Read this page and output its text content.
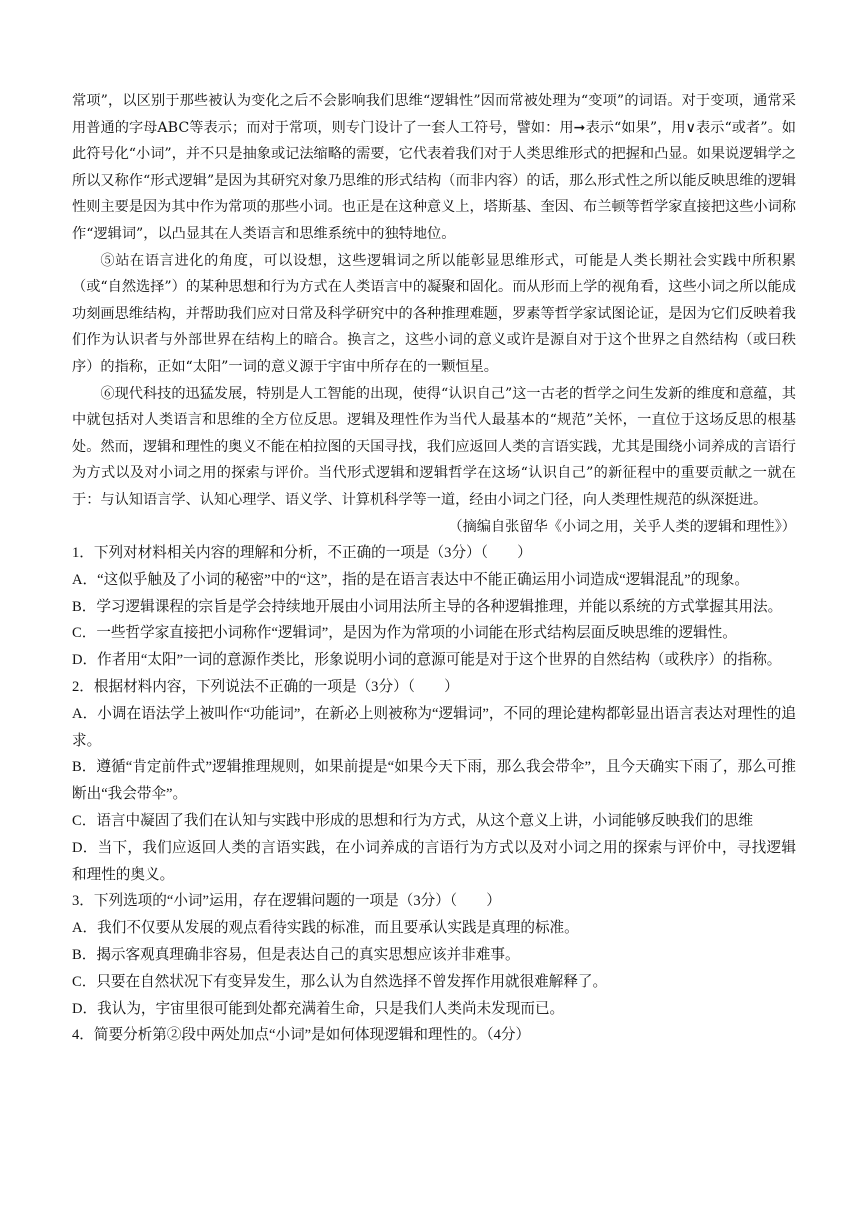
常项”，以区别于那些被认为变化之后不会影响我们思维“逻辑性”因而常被处理为“变项”的词语。对于变项，通常采用普通的字母ABC等表示；而对于常项，则专门设计了一套人工符号，譬如：用➞表示“如果”，用∨表示“或者”。如此符号化“小词”，并不只是抽象或记法缩略的需要，它代表着我们对于人类思维形式的把握和凸显。如果说逻辑学之所以又称作“形式逻辑”是因为其研究对象乃思维的形式结构（而非内容）的话，那么形式性之所以能反映思维的逻辑性则主要是因为其中作为常项的那些小词。也正是在这种意义上，塔斯基、奎因、布兰顿等哲学家直接把这些小词称作“逻辑词”，以凸显其在人类语言和思维系统中的独特地位。

⑤站在语言进化的角度，可以设想，这些逻辑词之所以能彰显思维形式，可能是人类长期社会实践中所积累（或“自然选择”）的某种思想和行为方式在人类语言中的凝聚和固化。而从形而上学的视角看，这些小词之所以能成功刻画思维结构，并帮助我们应对日常及科学研究中的各种推理难题，罗素等哲学家试图论证，是因为它们反映着我们作为认识者与外部世界在结构上的暗合。换言之，这些小词的意义或许是源自对于这个世界之自然结构（或曰秩序）的指称，正如“太阳”一词的意义源于宇宙中所存在的一颗恒星。

⑥现代科技的迅猛发展，特别是人工智能的出现，使得“认识自己”这一古老的哲学之问生发新的维度和意蕴，其中就包括对人类语言和思维的全方位反思。逻辑及理性作为当代人最基本的“规范”关怀，一直位于这场反思的根基处。然而，逻辑和理性的奥义不能在柏拉图的天国寻找，我们应返回人类的言语实践，尤其是围绕小词养成的言语行为方式以及对小词之用的探索与评价。当代形式逻辑和逻辑哲学在这场“认识自己”的新征程中的重要贡献之一就在于：与认知语言学、认知心理学、语义学、计算机科学等一道，经由小词之门径，向人类理性规范的纵深挺进。

（摘编自张留华《小词之用，关乎人类的逻辑和理性》）

1．下列对材料相关内容的理解和分析，不正确的一项是（3分）（　　）

A．“这似乎触及了小词的秘密”中的“这”，指的是在语言表达中不能正确运用小词造成“逻辑混乱”的现象。

B．学习逻辑课程的宗旨是学会持续地开展由小词用法所主导的各种逻辑推理，并能以系统的方式掌握其用法。

C．一些哲学家直接把小词称作“逻辑词”，是因为作为常项的小词能在形式结构层面反映思维的逻辑性。

D．作者用“太阳”一词的意源作类比，形象说明小词的意源可能是对于这个世界的自然结构（或秩序）的指称。

2．根据材料内容，下列说法不正确的一项是（3分）（　　）

A．小调在语法学上被叫作“功能词”，在新必上则被称为“逻辑词”，不同的理论建构都彰显出语言表达对理性的追求。

B．遵循“肯定前件式”逻辑推理规则，如果前提是“如果今天下雨，那么我会带伞”，且今天确实下雨了，那么可推断出“我会带伞”。

C．语言中凝固了我们在认知与实践中形成的思想和行为方式，从这个意义上讲，小词能够反映我们的思维

D．当下，我们应返回人类的言语实践，在小词养成的言语行为方式以及对小词之用的探索与评价中，寻找逻辑和理性的奥义。

3．下列选项的“小词”运用，存在逻辑问题的一项是（3分）（　　）

A．我们不仅要从发展的观点看待实践的标准，而且要承认实践是真理的标准。

B．揭示客观真理确非容易，但是表达自己的真实思想应该并非难事。

C．只要在自然状况下有变异发生，那么认为自然选择不曾发挥作用就很难解释了。

D．我认为，宇宙里很可能到处都充满着生命，只是我们人类尚未发现而已。

4．简要分析第②段中两处加点“小词”是如何体现逻辑和理性的。（4分）
